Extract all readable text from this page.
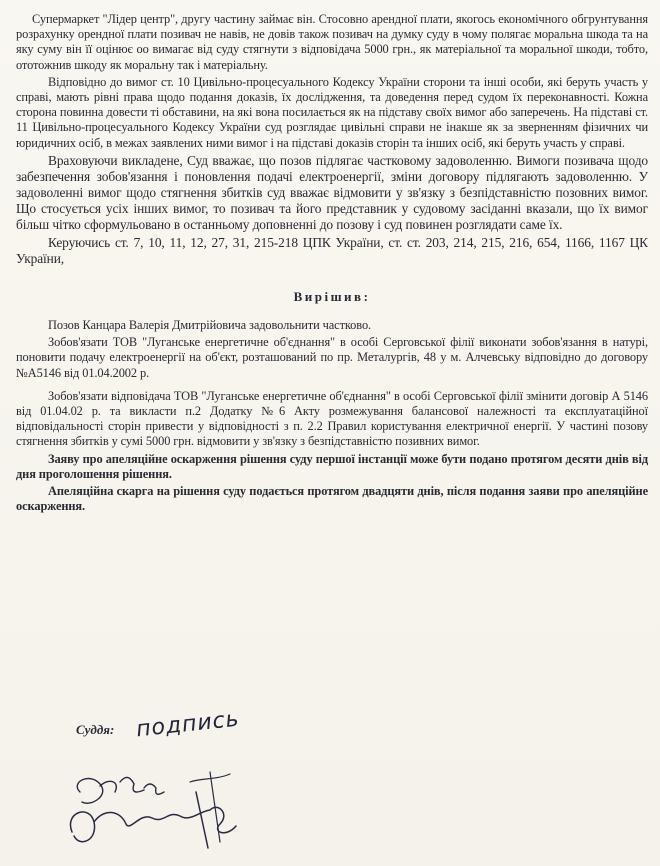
Супермаркет "Лідер центр", другу частину займає він. Стосовно арендної плати, якогось економічного обгрунтування розрахунку орендної плати позивач не навів, не довів також позивач на думку суду в чому полягає моральна шкода та на яку суму він її оцінює оо вимагає від суду стягнути з відповідача 5000 грн., як матеріальної та моральної шкоди, тобто, ототожнив шкоду як моральну так і матеріальну.

Відповідно до вимог ст. 10 Цивільно-процесуального Кодексу України сторони та інші особи, які беруть участь у справі, мають рівні права щодо подання доказів, їх дослідження, та доведення перед судом їх переконавності. Кожна сторона повинна довести ті обставини, на які вона посилається як на підставу своїх вимог або заперечень. На підставі ст. 11 Цивільно-процесуального Кодексу України суд розглядає цивільні справи не інакше як за зверненням фізичних чи юридичних осіб, в межах заявлених ними вимог і на підставі доказів сторін та інших осіб, які беруть участь у справі.

Враховуючи викладене, Суд вважає, що позов підлягає частковому задоволенню. Вимоги позивача щодо забезпечення зобов'язання і поновлення подачі електроенергії, зміни договору підлягають задоволенню. У задоволенні вимог щодо стягнення збитків суд вважає відмовити у зв'язку з безпідставністю позовних вимог. Що стосується усіх інших вимог, то позивач та його представник у судовому засіданні вказали, що їх вимог більш чітко сформульовано в останньому доповненні до позову і суд повинен розглядати саме їх.

Керуючись ст. 7, 10, 11, 12, 27, 31, 215-218 ЦПК України, ст. ст. 203, 214, 215, 216, 654, 1166, 1167 ЦК України,

Вирішив:

Позов Канцара Валерія Дмитрійовича задовольнити частково.

Зобов'язати ТОВ "Луганське енергетичне об'єднання" в особі Серговської філії виконати зобов'язання в натурі, поновити подачу електроенергії на об'єкт, розташований по пр. Металургів, 48 у м. Алчевську відповідно до договору №А5146 від 01.04.2002 р.

Зобов'язати відповідача ТОВ "Луганське енергетичне об'єднання" в особі Серговської філії змінити договір А 5146 від 01.04.02 р. та викласти п.2 Додатку №6 Акту розмежування балансової належності та експлуатаційної відповідальності сторін привести у відповідності з п. 2.2 Правил користування електричної енергії. У частині позову стягнення збитків у сумі 5000 грн. відмовити у зв'язку з безпідставністю позивних вимог.

Заяву про апеляційне оскарження рішення суду першої інстанції може бути подано протягом десяти днів від дня проголошення рішення.

Апеляційна скарга на рішення суду подається протягом двадцяти днів, після подання заяви про апеляційне оскарження.

Суддя: подпись
